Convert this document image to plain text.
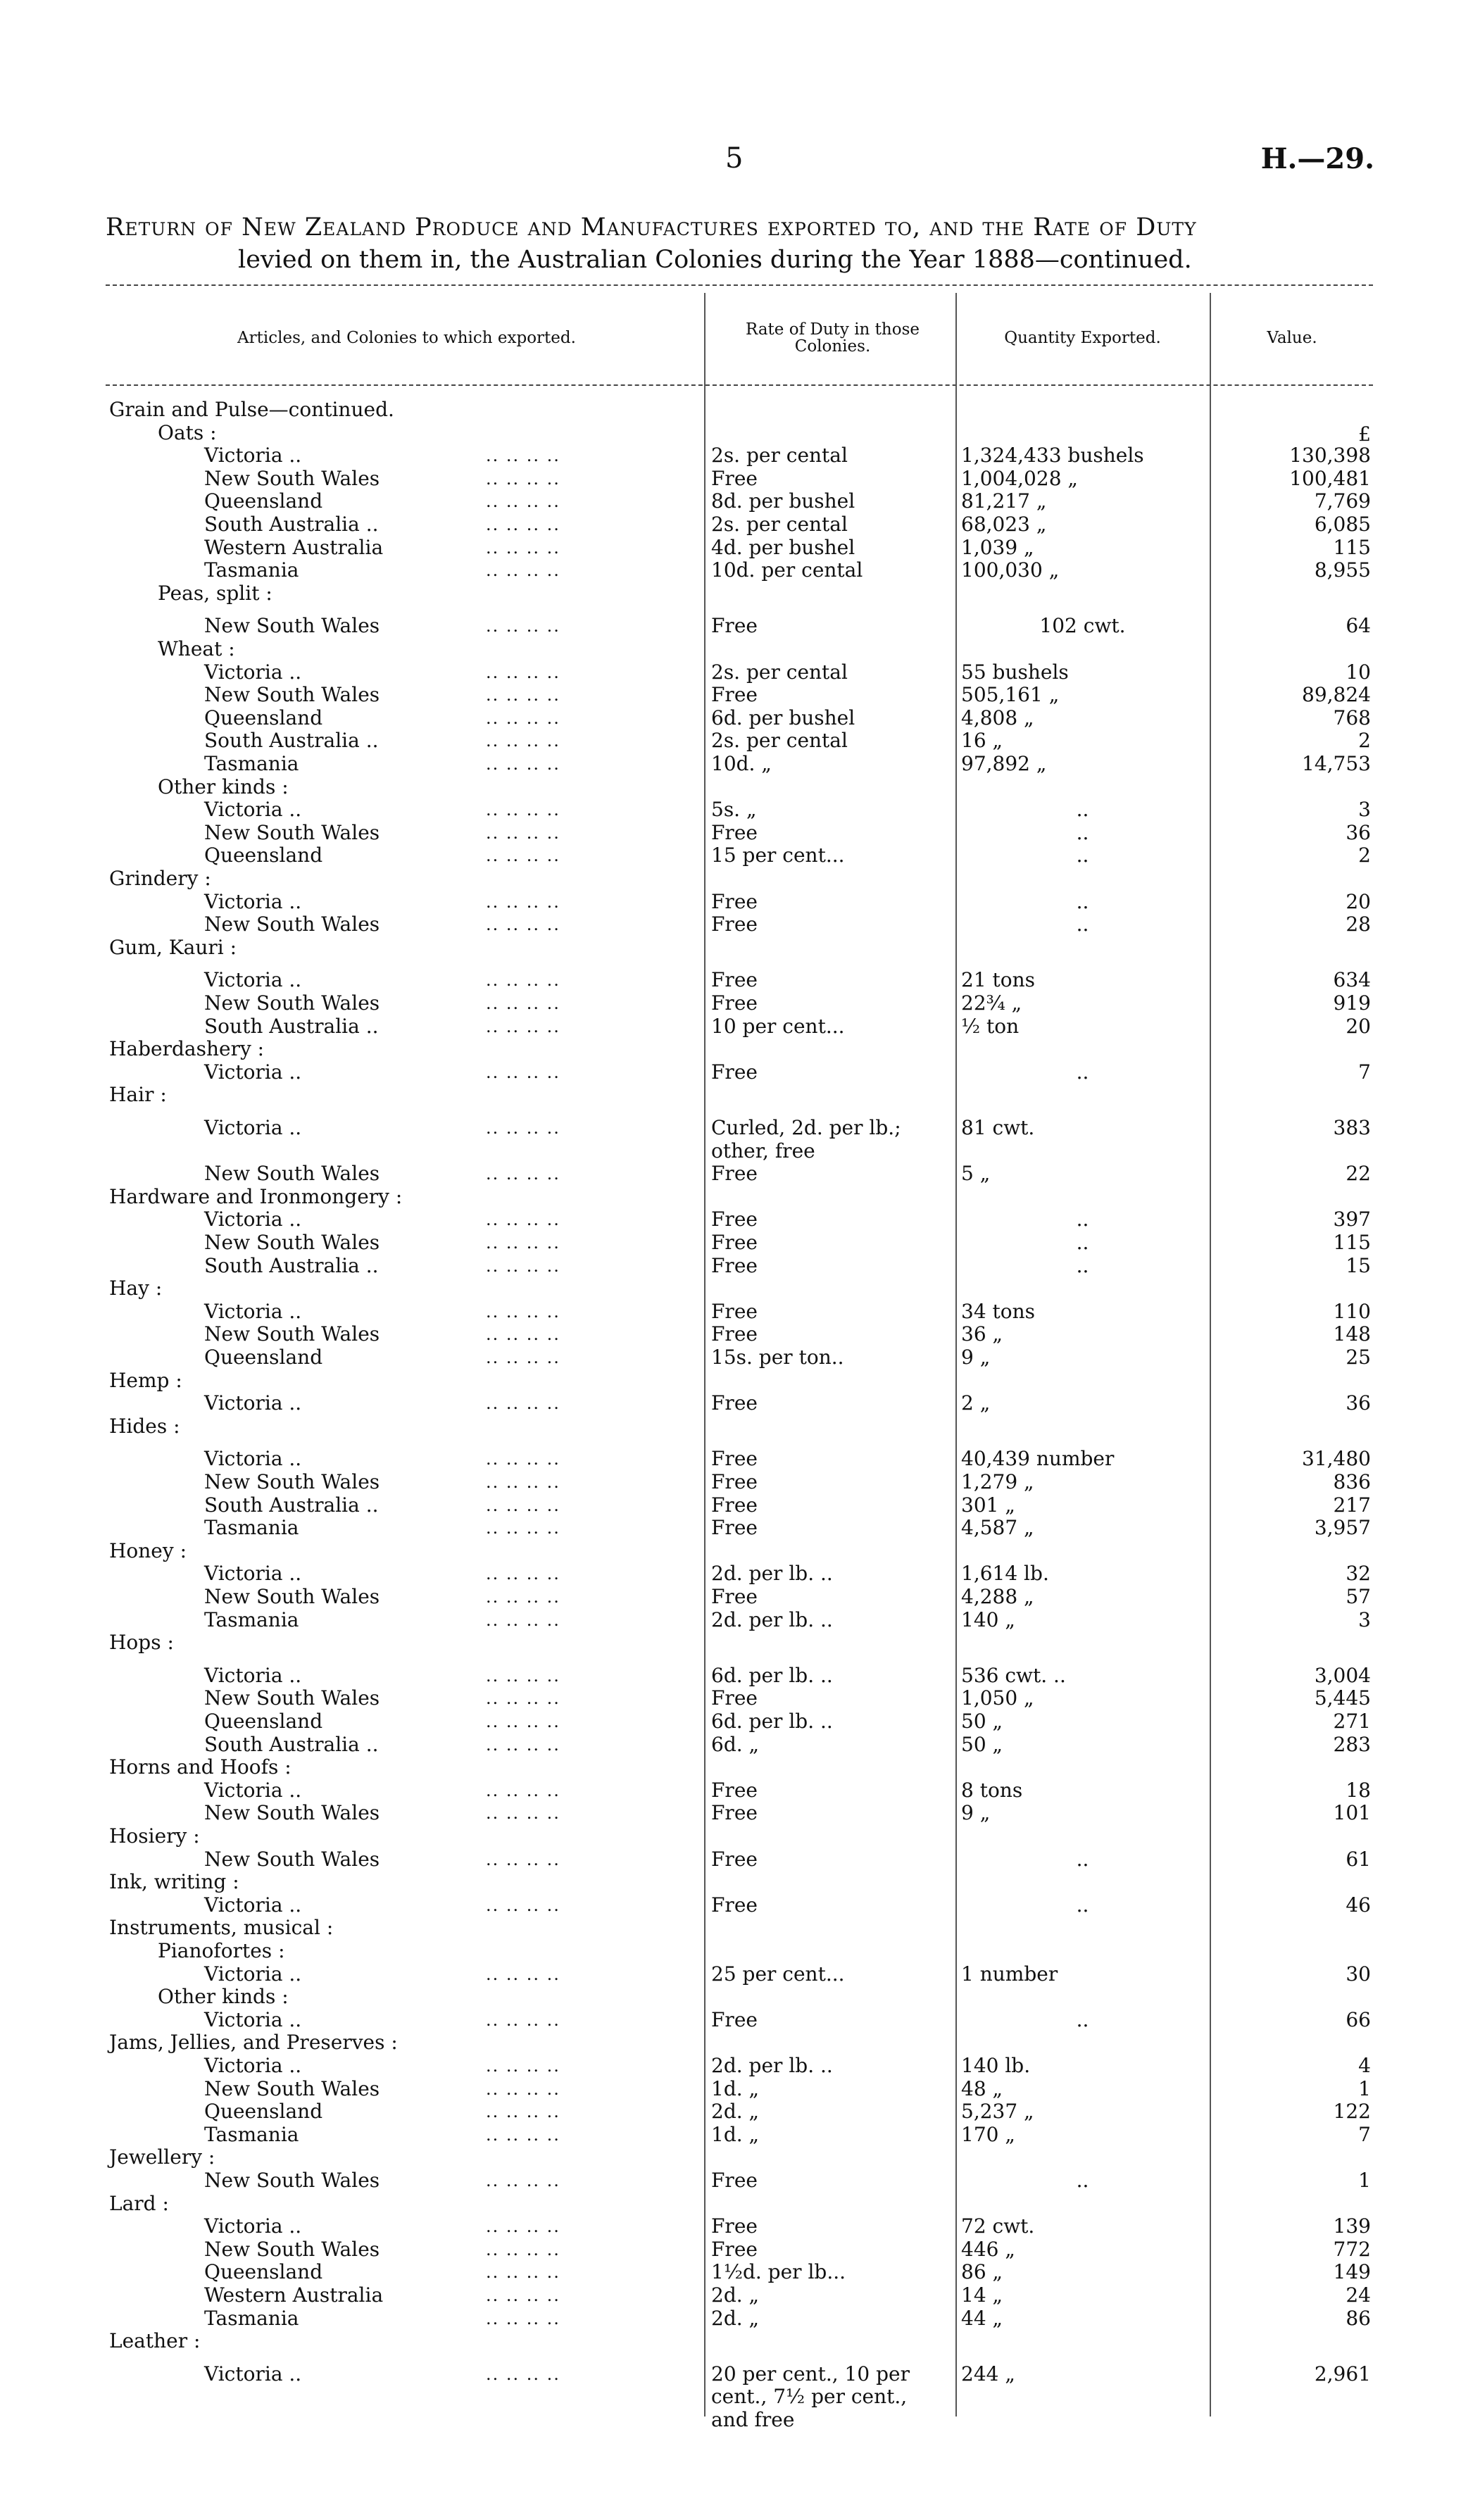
5	H.—29.
Return of New Zealand Produce and Manufactures exported to, and the Rate of Duty
levied on them in, the Australian Colonies during the Year 1888—continued.
Articles, and Colonies to which exported.	Rate of Duty in those Colonies.	Quantity Exported.	Value.
Grain and Pulse—continued.
Oats :	£
Victoria ..	.. .. .. ..	2s. per cental	1,324,433 bushels	130,398
New South Wales	.. .. .. ..	Free	1,004,028 „	100,481
Queensland	.. .. .. ..	8d. per bushel	81,217 „	7,769
South Australia ..	.. .. .. ..	2s. per cental	68,023 „	6,085
Western Australia	.. .. .. ..	4d. per bushel	1,039 „	115
Tasmania	.. .. .. ..	10d. per cental	100,030 „	8,955
Peas, split :
New South Wales	.. .. .. ..	Free	102 cwt.	64
Wheat :
Victoria ..	.. .. .. ..	2s. per cental	55 bushels	10
New South Wales	.. .. .. ..	Free	505,161 „	89,824
Queensland	.. .. .. ..	6d. per bushel	4,808 „	768
South Australia ..	.. .. .. ..	2s. per cental	16 „	2
Tasmania	.. .. .. ..	10d. „	97,892 „	14,753
Other kinds :
Victoria ..	.. .. .. ..	5s. „	..	3
New South Wales	.. .. .. ..	Free	..	36
Queensland	.. .. .. ..	15 per cent...	..	2
Grindery :
Victoria ..	.. .. .. ..	Free	..	20
New South Wales	.. .. .. ..	Free	..	28
Gum, Kauri :
Victoria ..	.. .. .. ..	Free	21 tons	634
New South Wales	.. .. .. ..	Free	22¾ „	919
South Australia ..	.. .. .. ..	10 per cent...	½ ton	20
Haberdashery :
Victoria ..	.. .. .. ..	Free	..	7
Hair :
Victoria ..	.. .. .. ..	Curled, 2d. per lb.;	81 cwt.	383
other, free
New South Wales	.. .. .. ..	Free	5 „	22
Hardware and Ironmongery :
Victoria ..	.. .. .. ..	Free	..	397
New South Wales	.. .. .. ..	Free	..	115
South Australia ..	.. .. .. ..	Free	..	15
Hay :
Victoria ..	.. .. .. ..	Free	34 tons	110
New South Wales	.. .. .. ..	Free	36 „	148
Queensland	.. .. .. ..	15s. per ton..	9 „	25
Hemp :
Victoria ..	.. .. .. ..	Free	2 „	36
Hides :
Victoria ..	.. .. .. ..	Free	40,439 number	31,480
New South Wales	.. .. .. ..	Free	1,279 „	836
South Australia ..	.. .. .. ..	Free	301 „	217
Tasmania	.. .. .. ..	Free	4,587 „	3,957
Honey :
Victoria ..	.. .. .. ..	2d. per lb. ..	1,614 lb.	32
New South Wales	.. .. .. ..	Free	4,288 „	57
Tasmania	.. .. .. ..	2d. per lb. ..	140 „	3
Hops :
Victoria ..	.. .. .. ..	6d. per lb. ..	536 cwt. ..	3,004
New South Wales	.. .. .. ..	Free	1,050 „	5,445
Queensland	.. .. .. ..	6d. per lb. ..	50 „	271
South Australia ..	.. .. .. ..	6d. „	50 „	283
Horns and Hoofs :
Victoria ..	.. .. .. ..	Free	8 tons	18
New South Wales	.. .. .. ..	Free	9 „	101
Hosiery :
New South Wales	.. .. .. ..	Free	..	61
Ink, writing :
Victoria ..	.. .. .. ..	Free	..	46
Instruments, musical :
Pianofortes :
Victoria ..	.. .. .. ..	25 per cent...	1 number	30
Other kinds :
Victoria ..	.. .. .. ..	Free	..	66
Jams, Jellies, and Preserves :
Victoria ..	.. .. .. ..	2d. per lb. ..	140 lb.	4
New South Wales	.. .. .. ..	1d. „	48 „	1
Queensland	.. .. .. ..	2d. „	5,237 „	122
Tasmania	.. .. .. ..	1d. „	170 „	7
Jewellery :
New South Wales	.. .. .. ..	Free	..	1
Lard :
Victoria ..	.. .. .. ..	Free	72 cwt.	139
New South Wales	.. .. .. ..	Free	446 „	772
Queensland	.. .. .. ..	1½d. per lb...	86 „	149
Western Australia	.. .. .. ..	2d. „	14 „	24
Tasmania	.. .. .. ..	2d. „	44 „	86
Leather :
Victoria ..	.. .. .. ..	20 per cent., 10 per	244 „	2,961
cent., 7½ per cent.,
and free
